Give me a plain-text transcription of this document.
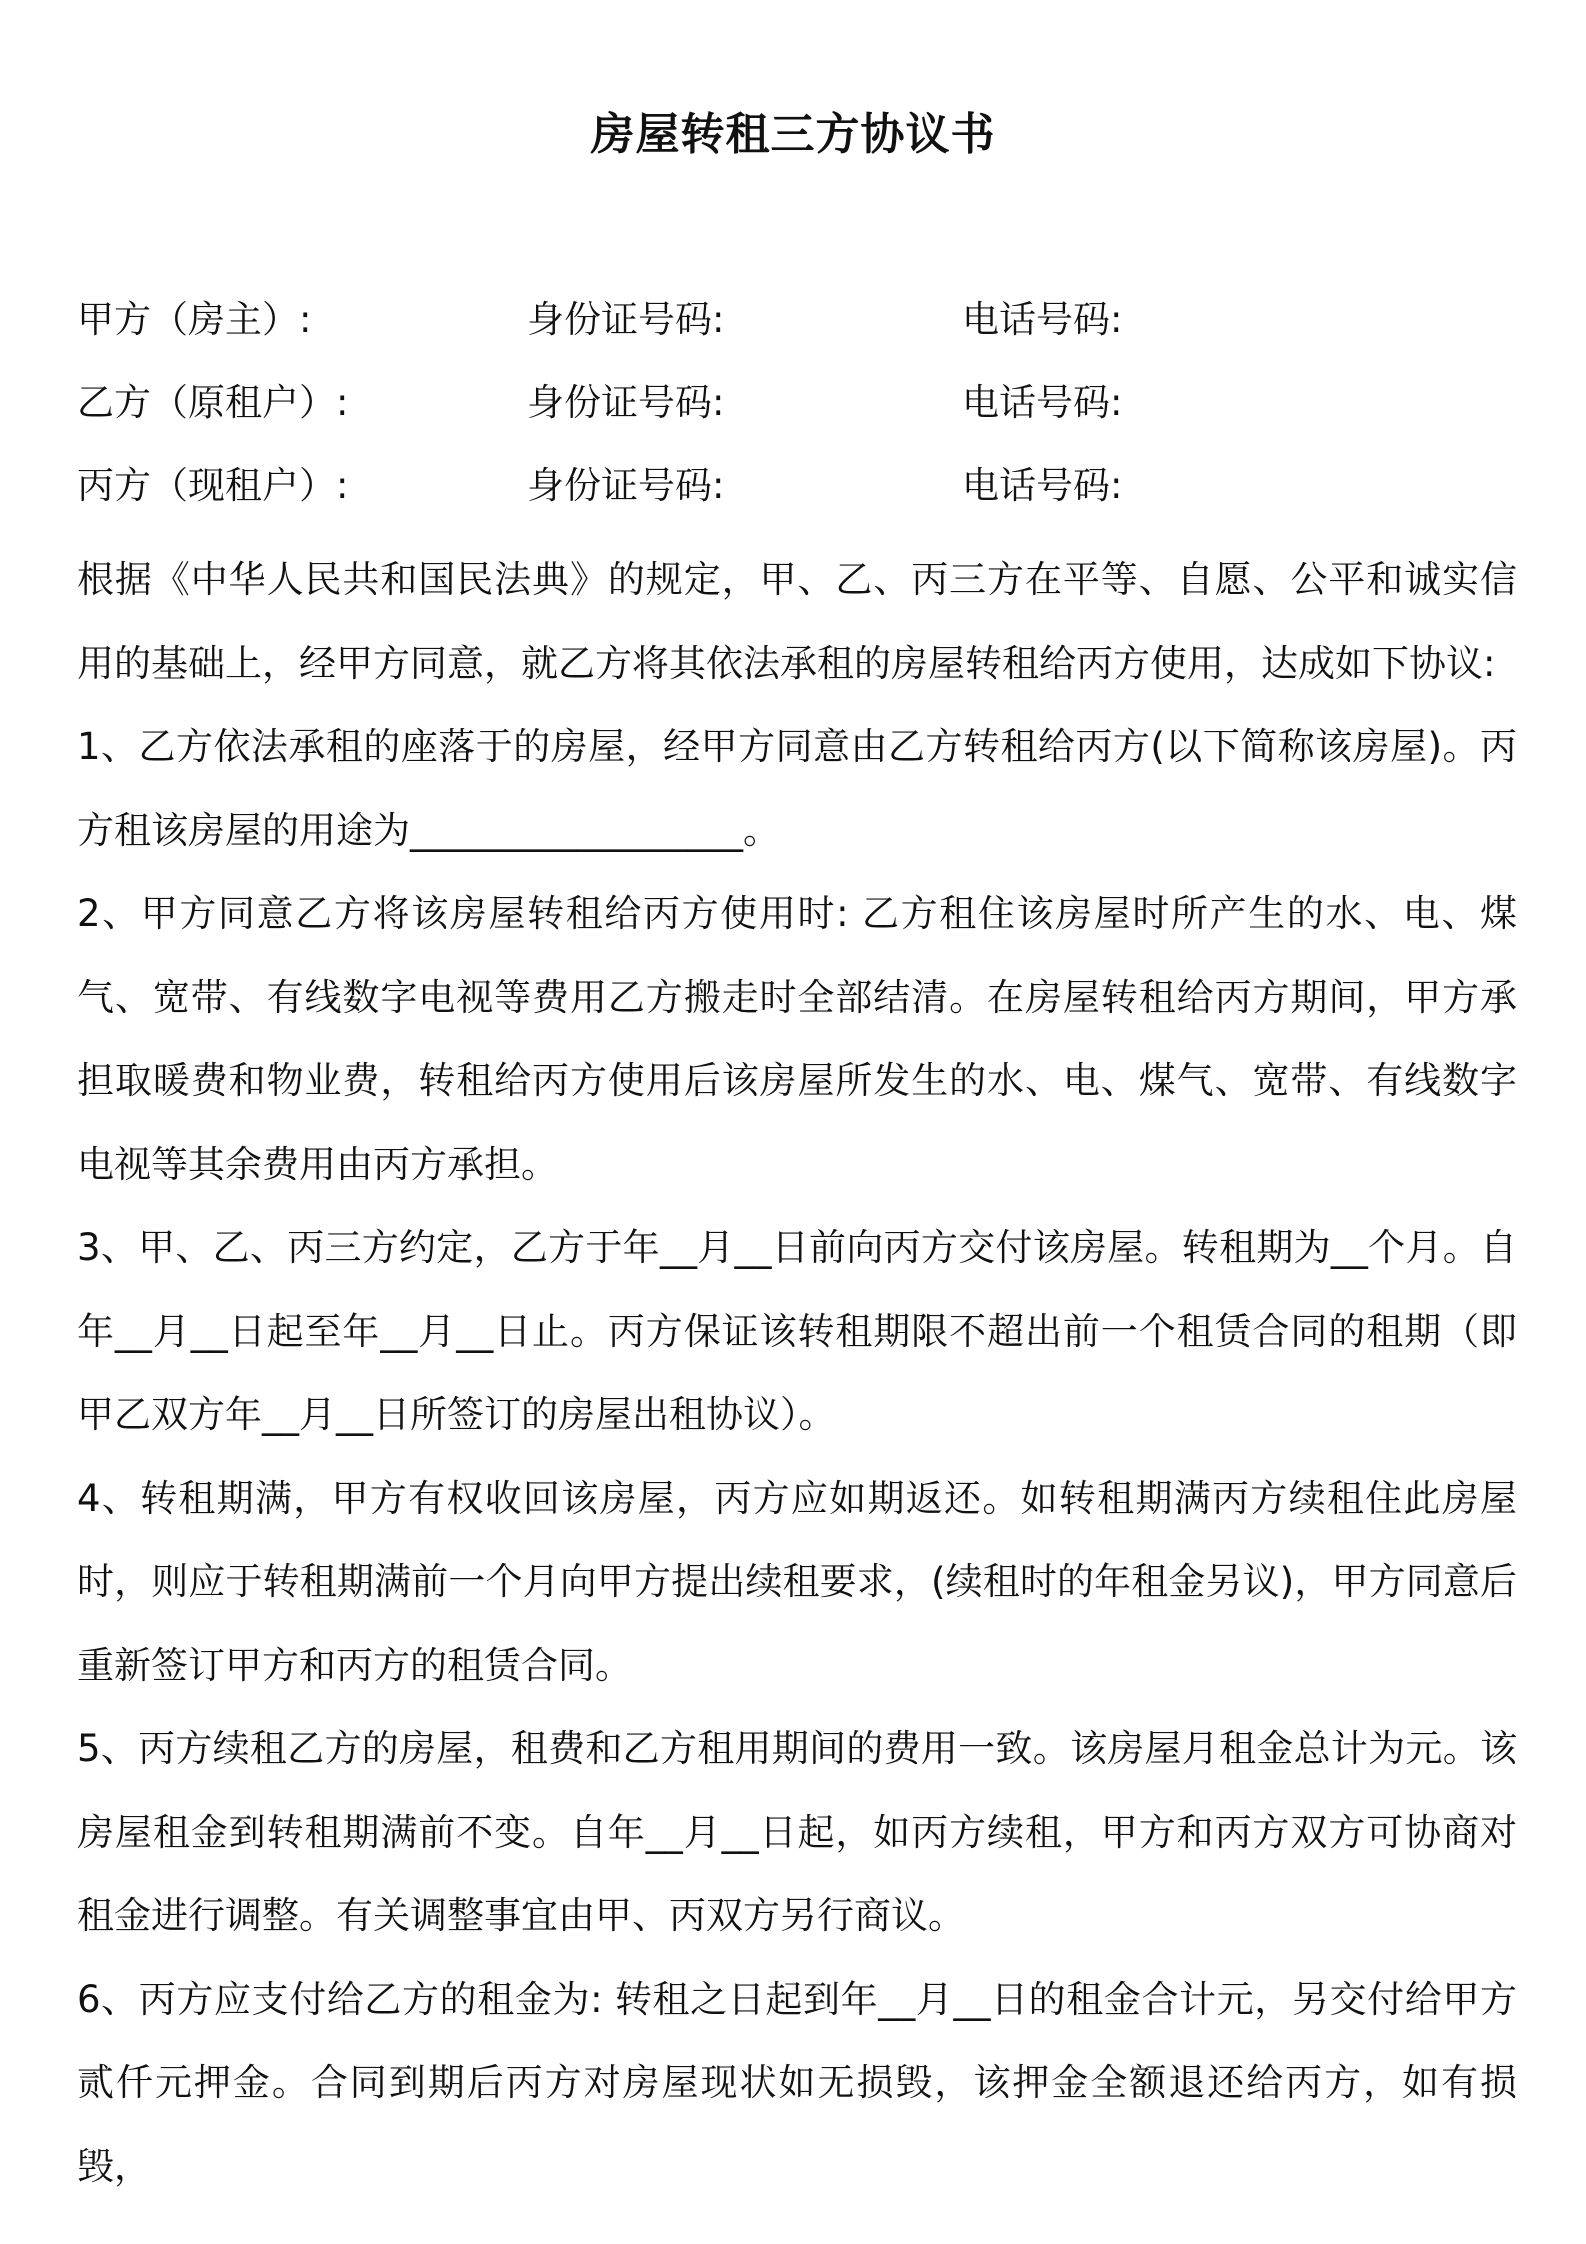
房屋转租三方协议书
甲方（房主）:	身份证号码:	电话号码:
乙方（原租户）:	身份证号码:	电话号码:
丙方（现租户）:	身份证号码:	电话号码:

根据《中华人民共和国民法典》的规定，甲、乙、丙三方在平等、自愿、公平和诚实信用的基础上，经甲方同意，就乙方将其依法承租的房屋转租给丙方使用，达成如下协议:

1、乙方依法承租的座落于的房屋，经甲方同意由乙方转租给丙方(以下简称该房屋)。丙方租该房屋的用途为__________________。

2、甲方同意乙方将该房屋转租给丙方使用时: 乙方租住该房屋时所产生的水、电、煤气、宽带、有线数字电视等费用乙方搬走时全部结清。在房屋转租给丙方期间，甲方承担取暖费和物业费，转租给丙方使用后该房屋所发生的水、电、煤气、宽带、有线数字电视等其余费用由丙方承担。

3、甲、乙、丙三方约定，乙方于年__月__日前向丙方交付该房屋。转租期为__个月。自年__月__日起至年__月__日止。丙方保证该转租期限不超出前一个租赁合同的租期（即甲乙双方年__月__日所签订的房屋出租协议）。

4、转租期满，甲方有权收回该房屋，丙方应如期返还。如转租期满丙方续租住此房屋时，则应于转租期满前一个月向甲方提出续租要求，(续租时的年租金另议)，甲方同意后重新签订甲方和丙方的租赁合同。

5、丙方续租乙方的房屋，租费和乙方租用期间的费用一致。该房屋月租金总计为元。该房屋租金到转租期满前不变。自年__月__日起，如丙方续租，甲方和丙方双方可协商对租金进行调整。有关调整事宜由甲、丙双方另行商议。

6、丙方应支付给乙方的租金为: 转租之日起到年__月__日的租金合计元，另交付给甲方贰仟元押金。合同到期后丙方对房屋现状如无损毁，该押金全额退还给丙方，如有损毁，
